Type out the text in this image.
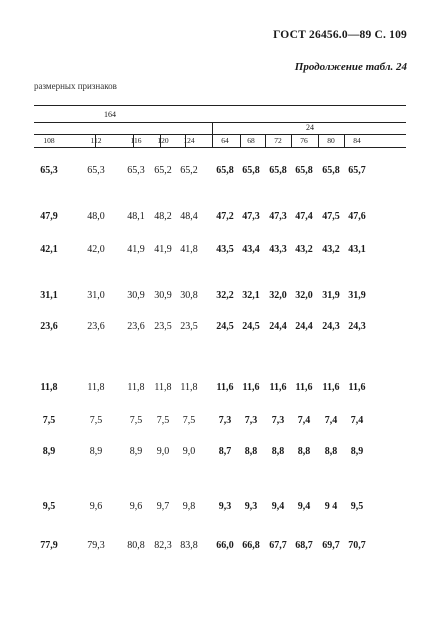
ГОСТ 26456.0—89 С. 109
Продолжение табл. 24
размерных признаков
164
24
108	112	116	120	124	64	68	72	76	80	84
65,3	65,3	65,3 65,2 65,2	65,8 65,8 65,8 65,8 65,8 65,7
47,9	48,0	48,1 48,2 48,4	47,2 47,3 47,3 47,4 47,5 47,6
42,1	42,0	41,9 41,9 41,8	43,5 43,4 43,3 43,2 43,2 43,1
31,1	31,0	30,9 30,9 30,8	32,2 32,1 32,0 32,0 31,9 31,9
23,6	23,6	23,6 23,5 23,5	24,5 24,5 24,4 24,4 24,3 24,3
11,8	11,8	11,8 11,8 11,8	11,6 11,6	11,6 11,6	11,6 11,6
7,5	7,5	7,5	7,5	7,5	7,3	7,3	7,3	7,4	7,4	7,4
8,9	8,9	8,9	9,0	9,0	8,7	8,8	8,8	8,8	8,8	8,9
9,5	9,6	9,6	9,7	9,8	9,3	9,3	9,4	9,4	9 4	9,5
77,9	79,3	80,8 82,3 83,8	66,0 66,8 67,7 68,7 69,7 70,7
